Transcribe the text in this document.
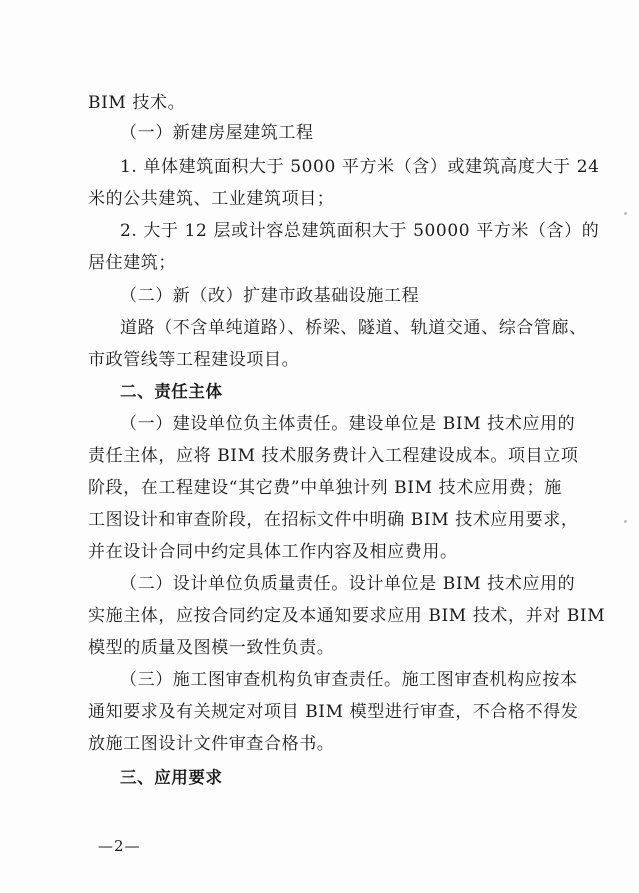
BIM 技术。
（一）新建房屋建筑工程
1. 单体建筑面积大于 5000 平方米（含）或建筑高度大于 24
米的公共建筑、工业建筑项目；
2. 大于 12 层或计容总建筑面积大于 50000 平方米（含）的
居住建筑；
（二）新（改）扩建市政基础设施工程
道路（不含单纯道路）、桥梁、隧道、轨道交通、综合管廊、
市政管线等工程建设项目。
二、责任主体
（一）建设单位负主体责任。建设单位是 BIM 技术应用的
责任主体，应将 BIM 技术服务费计入工程建设成本。项目立项
阶段，在工程建设“其它费”中单独计列 BIM 技术应用费；施
工图设计和审查阶段，在招标文件中明确 BIM 技术应用要求，
并在设计合同中约定具体工作内容及相应费用。
（二）设计单位负质量责任。设计单位是 BIM 技术应用的
实施主体，应按合同约定及本通知要求应用 BIM 技术，并对 BIM
模型的质量及图模一致性负责。
（三）施工图审查机构负审查责任。施工图审查机构应按本
通知要求及有关规定对项目 BIM 模型进行审查，不合格不得发
放施工图设计文件审查合格书。
三、应用要求
—2—
